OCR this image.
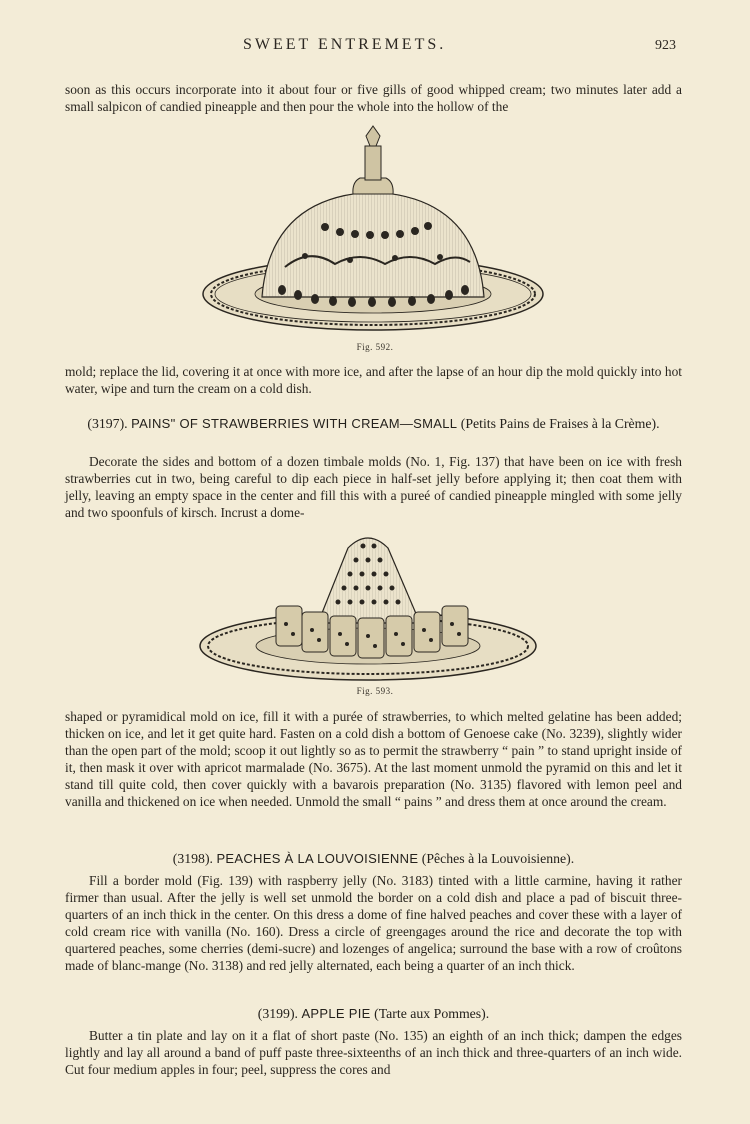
SWEET ENTREMETS.	923

soon as this occurs incorporate into it about four or five gills of good whipped cream; two minutes later add a small salpicon of candied pineapple and then pour the whole into the hollow of the

Fig. 592.

mold; replace the lid, covering it at once with more ice, and after the lapse of an hour dip the mold quickly into hot water, wipe and turn the cream on a cold dish.

(3197). PAINS" OF STRAWBERRIES WITH CREAM—SMALL (Petits Pains de Fraises à la Crème).

Decorate the sides and bottom of a dozen timbale molds (No. 1, Fig. 137) that have been on ice with fresh strawberries cut in two, being careful to dip each piece in half-set jelly before applying it; then coat them with jelly, leaving an empty space in the center and fill this with a pureé of candied pineapple mingled with some jelly and two spoonfuls of kirsch. Incrust a dome-

Fig. 593.

shaped or pyramidical mold on ice, fill it with a purée of strawberries, to which melted gelatine has been added; thicken on ice, and let it get quite hard. Fasten on a cold dish a bottom of Genoese cake (No. 3239), slightly wider than the open part of the mold; scoop it out lightly so as to permit the strawberry “ pain ” to stand upright inside of it, then mask it over with apricot marmalade (No. 3675). At the last moment unmold the pyramid on this and let it stand till quite cold, then cover quickly with a bavarois preparation (No. 3135) flavored with lemon peel and vanilla and thickened on ice when needed. Unmold the small “ pains ” and dress them at once around the cream.

(3198). PEACHES À LA LOUVOISIENNE (Pêches à la Louvoisienne).

Fill a border mold (Fig. 139) with raspberry jelly (No. 3183) tinted with a little carmine, having it rather firmer than usual. After the jelly is well set unmold the border on a cold dish and place a pad of biscuit three-quarters of an inch thick in the center. On this dress a dome of fine halved peaches and cover these with a layer of cold cream rice with vanilla (No. 160). Dress a circle of greengages around the rice and decorate the top with quartered peaches, some cherries (demi-sucre) and lozenges of angelica; surround the base with a row of croûtons made of blanc-mange (No. 3138) and red jelly alternated, each being a quarter of an inch thick.

(3199). APPLE PIE (Tarte aux Pommes).

Butter a tin plate and lay on it a flat of short paste (No. 135) an eighth of an inch thick; dampen the edges lightly and lay all around a band of puff paste three-sixteenths of an inch thick and three-quarters of an inch wide. Cut four medium apples in four; peel, suppress the cores and
